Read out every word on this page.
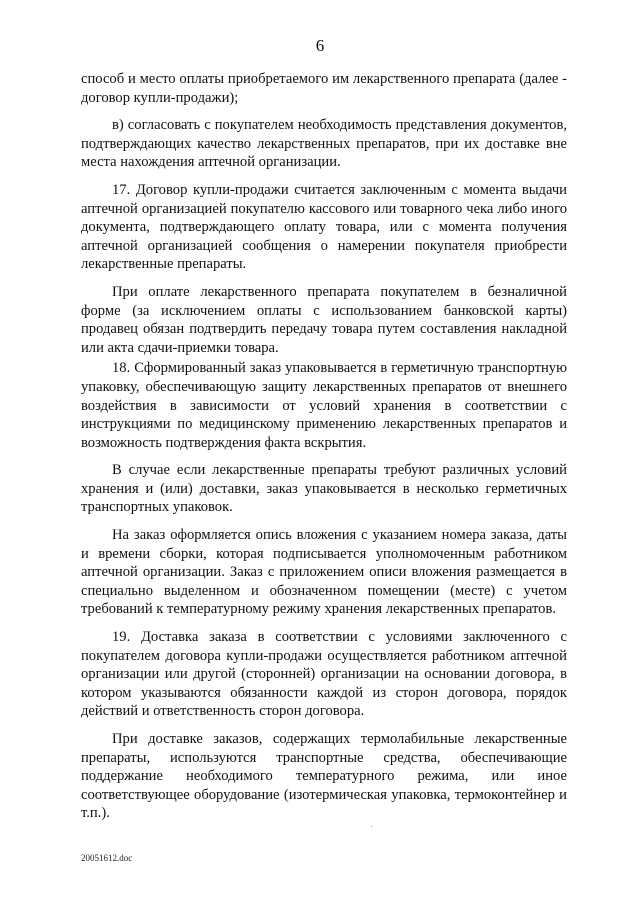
6

способ и место оплаты приобретаемого им лекарственного препарата (далее - договор купли-продажи);

в) согласовать с покупателем необходимость представления документов, подтверждающих качество лекарственных препаратов, при их доставке вне места нахождения аптечной организации.

17. Договор купли-продажи считается заключенным с момента выдачи аптечной организацией покупателю кассового или товарного чека либо иного документа, подтверждающего оплату товара, или с момента получения аптечной организацией сообщения о намерении покупателя приобрести лекарственные препараты.

При оплате лекарственного препарата покупателем в безналичной форме (за исключением оплаты с использованием банковской карты) продавец обязан подтвердить передачу товара путем составления накладной или акта сдачи-приемки товара.

18. Сформированный заказ упаковывается в герметичную транспортную упаковку, обеспечивающую защиту лекарственных препаратов от внешнего воздействия в зависимости от условий хранения в соответствии с инструкциями по медицинскому применению лекарственных препаратов и возможность подтверждения факта вскрытия.

В случае если лекарственные препараты требуют различных условий хранения и (или) доставки, заказ упаковывается в несколько герметичных транспортных упаковок.

На заказ оформляется опись вложения с указанием номера заказа, даты и времени сборки, которая подписывается уполномоченным работником аптечной организации. Заказ с приложением описи вложения размещается в специально выделенном и обозначенном помещении (месте) с учетом требований к температурному режиму хранения лекарственных препаратов.

19. Доставка заказа в соответствии с условиями заключенного с покупателем договора купли-продажи осуществляется работником аптечной организации или другой (сторонней) организации на основании договора, в котором указываются обязанности каждой из сторон договора, порядок действий и ответственность сторон договора.

При доставке заказов, содержащих термолабильные лекарственные препараты, используются транспортные средства, обеспечивающие поддержание необходимого температурного режима, или иное соответствующее оборудование (изотермическая упаковка, термоконтейнер и т.п.).

20051612.doc
